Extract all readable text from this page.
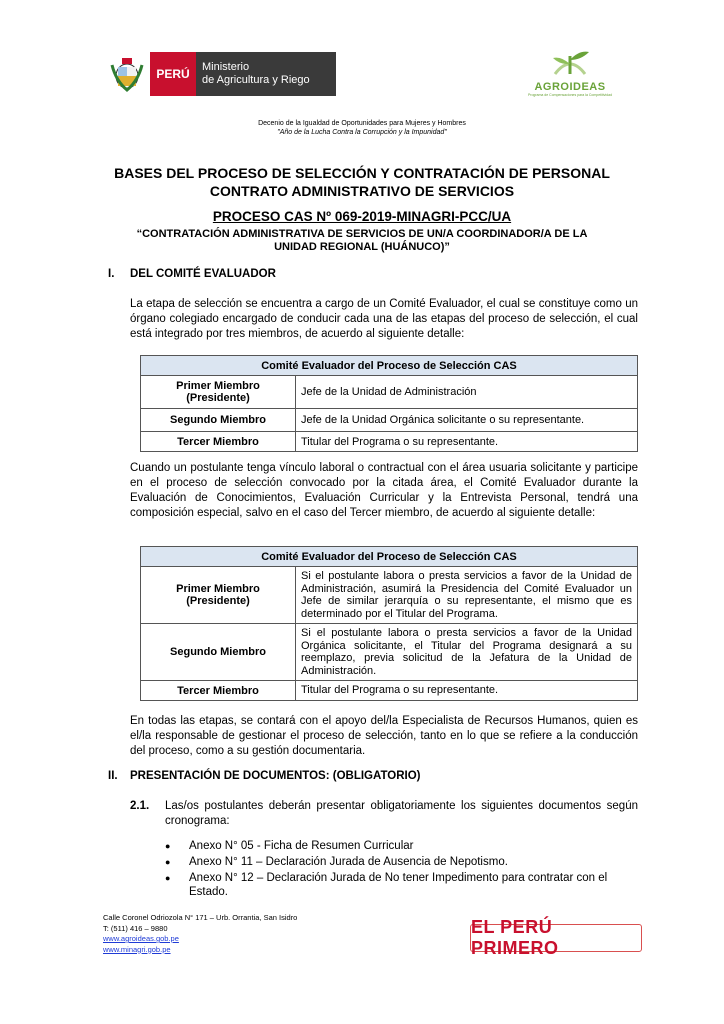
PERÚ	Ministerio
de Agricultura y Riego
AGROIDEAS
Programa de Compensaciones para la Competitividad
Decenio de la Igualdad de Oportunidades para Mujeres y Hombres
"Año de la Lucha Contra la Corrupción y la Impunidad"
BASES DEL PROCESO DE SELECCIÓN Y CONTRATACIÓN DE PERSONAL
CONTRATO ADMINISTRATIVO DE SERVICIOS
PROCESO CAS Nº 069-2019-MINAGRI-PCC/UA
“CONTRATACIÓN ADMINISTRATIVA DE SERVICIOS DE UN/A COORDINADOR/A DE LA
UNIDAD REGIONAL (HUÁNUCO)”
I. DEL COMITÉ EVALUADOR
La etapa de selección se encuentra a cargo de un Comité Evaluador, el cual se constituye como un órgano colegiado encargado de conducir cada una de las etapas del proceso de selección, el cual está integrado por tres miembros, de acuerdo al siguiente detalle:
Comité Evaluador del Proceso de Selección CAS	
Primer Miembro (Presidente)	Jefe de la Unidad de Administración
Segundo Miembro	Jefe de la Unidad Orgánica solicitante o su representante.
Tercer Miembro	Titular del Programa o su representante.
Cuando un postulante tenga vínculo laboral o contractual con el área usuaria solicitante y participe en el proceso de selección convocado por la citada área, el Comité Evaluador durante la Evaluación de Conocimientos, Evaluación Curricular y la Entrevista Personal, tendrá una composición especial, salvo en el caso del Tercer miembro, de acuerdo al siguiente detalle:
Comité Evaluador del Proceso de Selección CAS	
Primer Miembro (Presidente)	Si el postulante labora o presta servicios a favor de la Unidad de Administración, asumirá la Presidencia del Comité Evaluador un Jefe de similar jerarquía o su representante, el mismo que es determinado por el Titular del Programa.
Segundo Miembro	Si el postulante labora o presta servicios a favor de la Unidad Orgánica solicitante, el Titular del Programa designará a su reemplazo, previa solicitud de la Jefatura de la Unidad de Administración.
Tercer Miembro	Titular del Programa o su representante.
En todas las etapas, se contará con el apoyo del/la Especialista de Recursos Humanos, quien es el/la responsable de gestionar el proceso de selección, tanto en lo que se refiere a la conducción del proceso, como a su gestión documentaria.
II. PRESENTACIÓN DE DOCUMENTOS: (OBLIGATORIO)
2.1. Las/os postulantes deberán presentar obligatoriamente los siguientes documentos según cronograma:
● Anexo N° 05 - Ficha de Resumen Curricular
● Anexo N° 11 – Declaración Jurada de Ausencia de Nepotismo.
● Anexo N° 12 – Declaración Jurada de No tener Impedimento para contratar con el Estado.
Calle Coronel Odriozola N° 171 – Urb. Orrantia, San Isidro
T: (511) 416 – 9880
www.agroideas.gob.pe
www.minagri.gob.pe
EL PERÚ PRIMERO
